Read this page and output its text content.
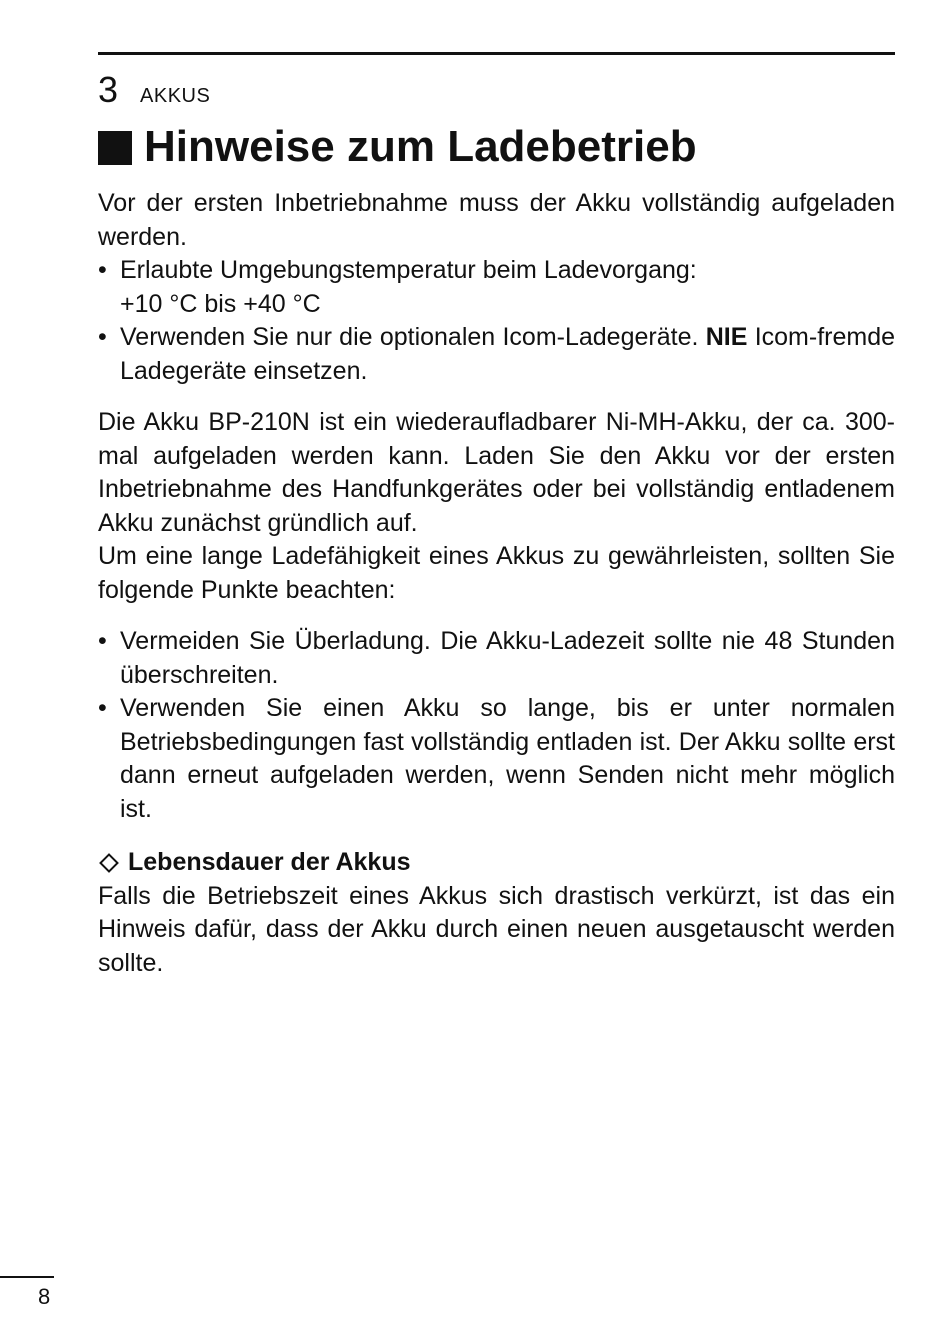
3 AKKUS
Hinweise zum Ladebetrieb

Vor der ersten Inbetriebnahme muss der Akku vollständig aufgeladen werden.

• Erlaubte Umgebungstemperatur beim Ladevorgang:
+10 °C bis +40 °C
• Verwenden Sie nur die optionalen Icom-Ladegeräte. NIE Icom-fremde Ladegeräte einsetzen.

Die Akku BP-210N ist ein wiederaufladbarer Ni-MH-Akku, der ca. 300-mal aufgeladen werden kann. Laden Sie den Akku vor der ersten Inbetriebnahme des Handfunkgerätes oder bei vollständig entladenem Akku zunächst gründlich auf.

Um eine lange Ladefähigkeit eines Akkus zu gewährleisten, sollten Sie folgende Punkte beachten:

• Vermeiden Sie Überladung. Die Akku-Ladezeit sollte nie 48 Stunden überschreiten.
• Verwenden Sie einen Akku so lange, bis er unter normalen Betriebsbedingungen fast vollständig entladen ist. Der Akku sollte erst dann erneut aufgeladen werden, wenn Senden nicht mehr möglich ist.
Lebensdauer der Akkus

Falls die Betriebszeit eines Akkus sich drastisch verkürzt, ist das ein Hinweis dafür, dass der Akku durch einen neuen ausgetauscht werden sollte.

8
